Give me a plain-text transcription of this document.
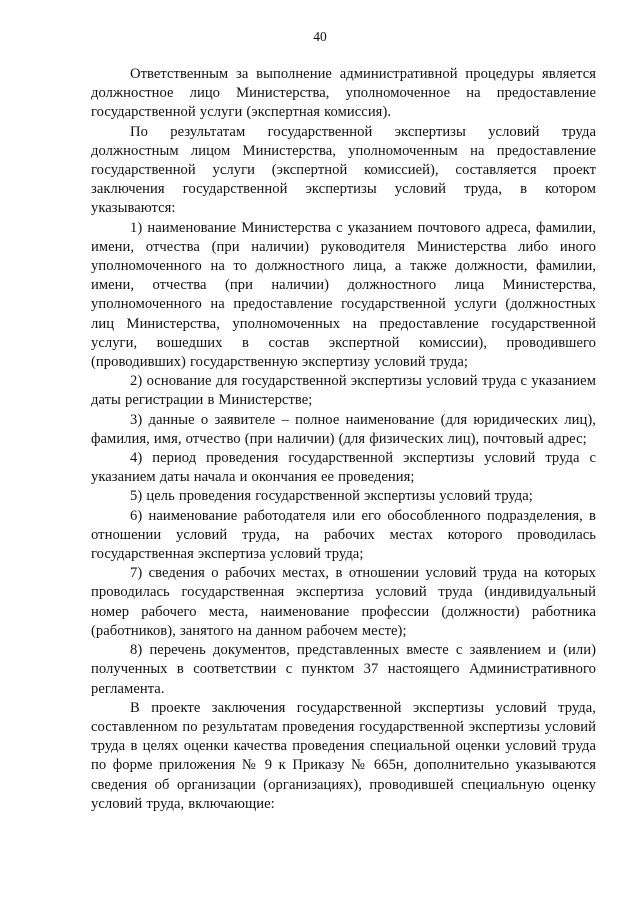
40

Ответственным за выполнение административной процедуры является должностное лицо Министерства, уполномоченное на предоставление государственной услуги (экспертная комиссия).

По результатам государственной экспертизы условий труда должностным лицом Министерства, уполномоченным на предоставление государственной услуги (экспертной комиссией), составляется проект заключения государственной экспертизы условий труда, в котором указываются:

1) наименование Министерства с указанием почтового адреса, фамилии, имени, отчества (при наличии) руководителя Министерства либо иного уполномоченного на то должностного лица, а также должности, фамилии, имени, отчества (при наличии) должностного лица Министерства, уполномоченного на предоставление государственной услуги (должностных лиц Министерства, уполномоченных на предоставление государственной услуги, вошедших в состав экспертной комиссии), проводившего (проводивших) государственную экспертизу условий труда;

2) основание для государственной экспертизы условий труда с указанием даты регистрации в Министерстве;

3) данные о заявителе – полное наименование (для юридических лиц), фамилия, имя, отчество (при наличии) (для физических лиц), почтовый адрес;

4) период проведения государственной экспертизы условий труда с указанием даты начала и окончания ее проведения;

5) цель проведения государственной экспертизы условий труда;

6) наименование работодателя или его обособленного подразделения, в отношении условий труда, на рабочих местах которого проводилась государственная экспертиза условий труда;

7) сведения о рабочих местах, в отношении условий труда на которых проводилась государственная экспертиза условий труда (индивидуальный номер рабочего места, наименование профессии (должности) работника (работников), занятого на данном рабочем месте);

8) перечень документов, представленных вместе с заявлением и (или) полученных в соответствии с пунктом 37 настоящего Административного регламента.

В проекте заключения государственной экспертизы условий труда, составленном по результатам проведения государственной экспертизы условий труда в целях оценки качества проведения специальной оценки условий труда по форме приложения № 9 к Приказу № 665н, дополнительно указываются сведения об организации (организациях), проводившей специальную оценку условий труда, включающие:
